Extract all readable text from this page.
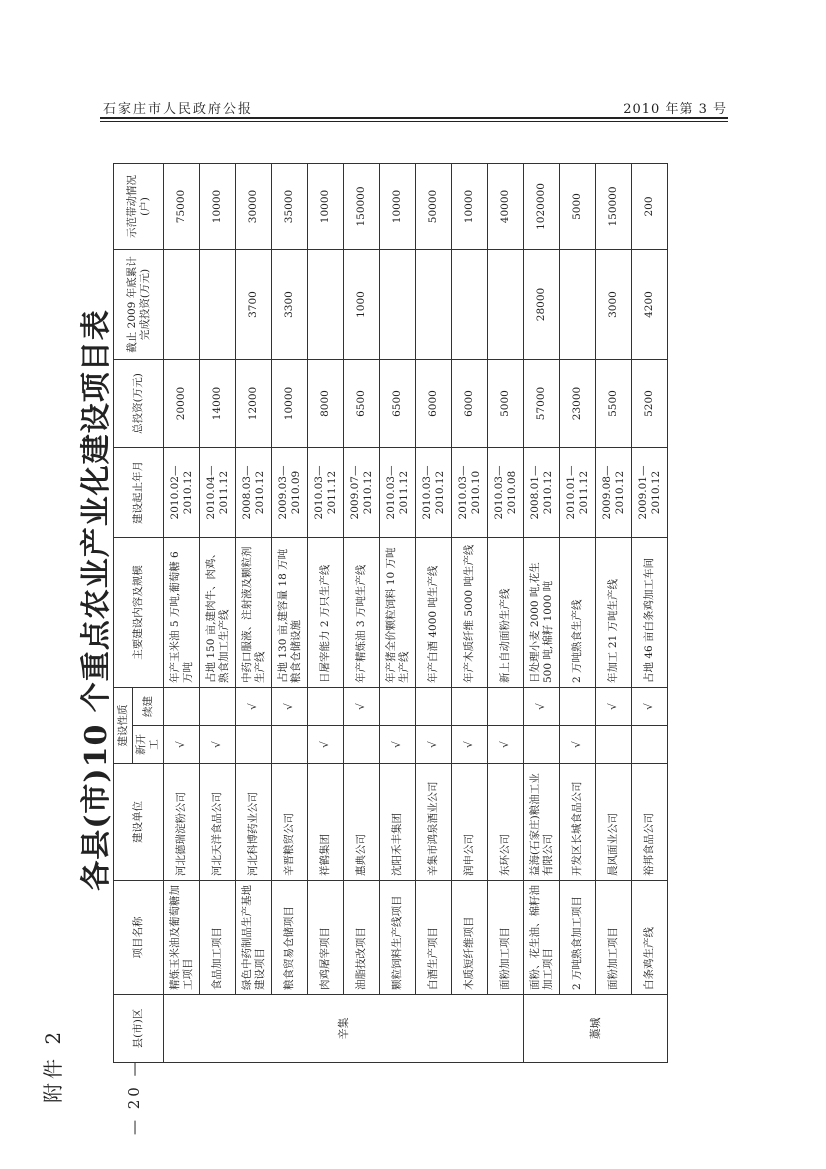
石家庄市人民政府公报	2010 年第 3 号
— 20 —
附件 2
各县(市)10 个重点农业产业化建设项目表
县(市)区	项目名称	建设单位	建设性质		主要建设内容及规模	建设起止年月	总投资(万元)	截止 2009 年底累计完成投资(万元)	示范带动情况(户)
			新开工	续建					
辛集	精炼玉米油及葡萄糖加工项目	河北德瑞淀粉公司	√		年产玉米油 5 万吨,葡萄糖 6 万吨	2010.02—2010.12	20000		75000
	食品加工项目	河北天洋食品公司	√		占地 150 亩,建肉牛、肉鸡、熟食加工生产线	2010.04—2011.12	14000		10000
	绿色中药制品生产基地建设项目	河北科博药业公司		√	中药口服液、注射液及颗粒剂生产线	2008.03—2010.12	12000	3700	30000
	粮食贸易仓储项目	辛晋粮贸公司		√	占地 130 亩,建容量 18 万吨粮食仓储设施	2009.03—2010.09	10000	3300	35000
	肉鸡屠宰项目	祥鹤集团	√		日屠宰能力 2 万只生产线	2010.03—2011.12	8000		10000
	油脂技改项目	惠典公司		√	年产精炼油 3 万吨生产线	2009.07—2010.12	6500	1000	150000
	颗粒饲料生产线项目	沈阳禾丰集团	√		年产猪全价颗粒饲料 10 万吨生产线	2010.03—2011.12	6500		10000
	白酒生产项目	辛集市鸿泉酒业公司	√		年产白酒 4000 吨生产线	2010.03—2010.12	6000		50000
	木质短纤维项目	润申公司	√		年产木质纤维 5000 吨生产线	2010.03—2010.10	6000		10000
	面粉加工项目	东环公司	√		新上自动面粉生产线	2010.03—2010.08	5000		40000
藁城	面粉、花生油、棉籽油加工项目	益海(石家庄)粮油工业有限公司		√	日处理小麦 2000 吨,花生 500 吨,棉籽 1000 吨	2008.01—2010.12	57000	28000	1020000
	2 万吨熟食加工项目	开发区长城食品公司	√		2 万吨熟食生产线	2010.01—2011.12	23000		5000
	面粉加工项目	晨风面业公司		√	年加工 21 万吨生产线	2009.08—2010.12	5500	3000	150000
	白条鸡生产线	裕邦食品公司		√	占地 46 亩白条鸡加工车间	2009.01—2010.12	5200	4200	200
